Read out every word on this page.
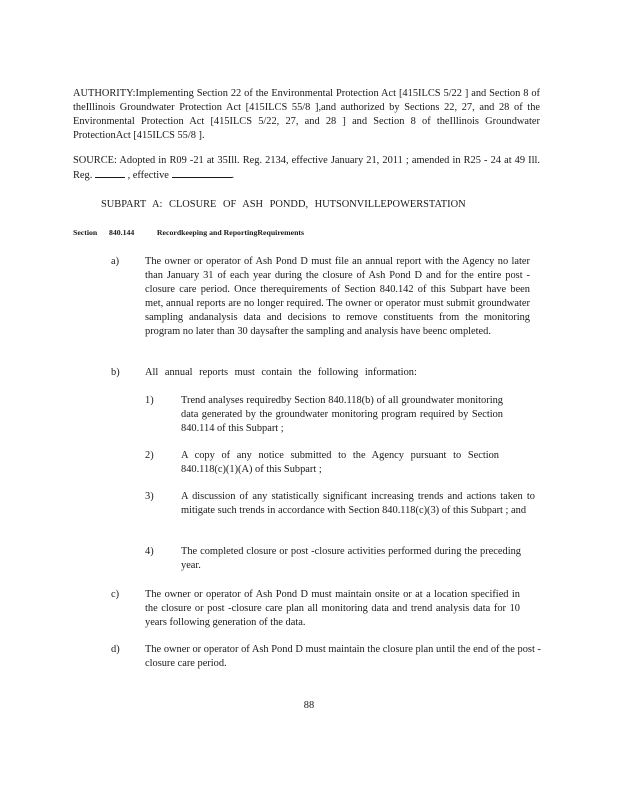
AUTHORITY:Implementing Section 22 of the Environmental Protection Act [415ILCS 5/22 ] and Section 8 of theIllinois Groundwater Protection Act [415ILCS 55/8 ],and authorized by Sections 22, 27, and 28 of the Environmental Protection Act [415ILCS 5/22, 27, and 28 ] and Section 8 of theIllinois Groundwater ProtectionAct [415ILCS 55/8 ].
SOURCE: Adopted in R09 -21 at 35Ill. Reg. 2134, effective January 21, 2011 ; amended in R25 - 24 at 49 Ill. Reg.	, effective	.
SUBPART A: CLOSURE OF ASH PONDD, HUTSONVILLEPOWERSTATION
Section 840.144	Recordkeeping and ReportingRequirements
a) The owner or operator of Ash Pond D must file an annual report with the Agency no later than January 31 of each year during the closure of Ash Pond D and for the entire post -closure care period. Once therequirements of Section 840.142 of this Subpart have been met, annual reports are no longer required. The owner or operator must submit groundwater sampling andanalysis data and decisions to remove constituents from the monitoring program no later than 30 daysafter the sampling and analysis have beenc ompleted.
b) All annual reports must contain the following information:
1)	Trend analyses requiredby Section 840.118(b) of all groundwater monitoring data generated by the groundwater monitoring program required by Section 840.114 of this Subpart ;
2)	A copy of any notice submitted to the Agency pursuant to Section 840.118(c)(1)(A) of this Subpart ;
3)	A discussion of any statistically significant increasing trends and actions taken to mitigate such trends in accordance with Section 840.118(c)(3) of this Subpart ; and
4)	The completed closure or post -closure activities performed during the preceding year.
c) The owner or operator of Ash Pond D must maintain onsite or at a location specified in the closure or post -closure care plan all monitoring data and trend analysis data for 10 years following generation of the data.
d) The owner or operator of Ash Pond D must maintain the closure plan until the end of the post -closure care period.
88
